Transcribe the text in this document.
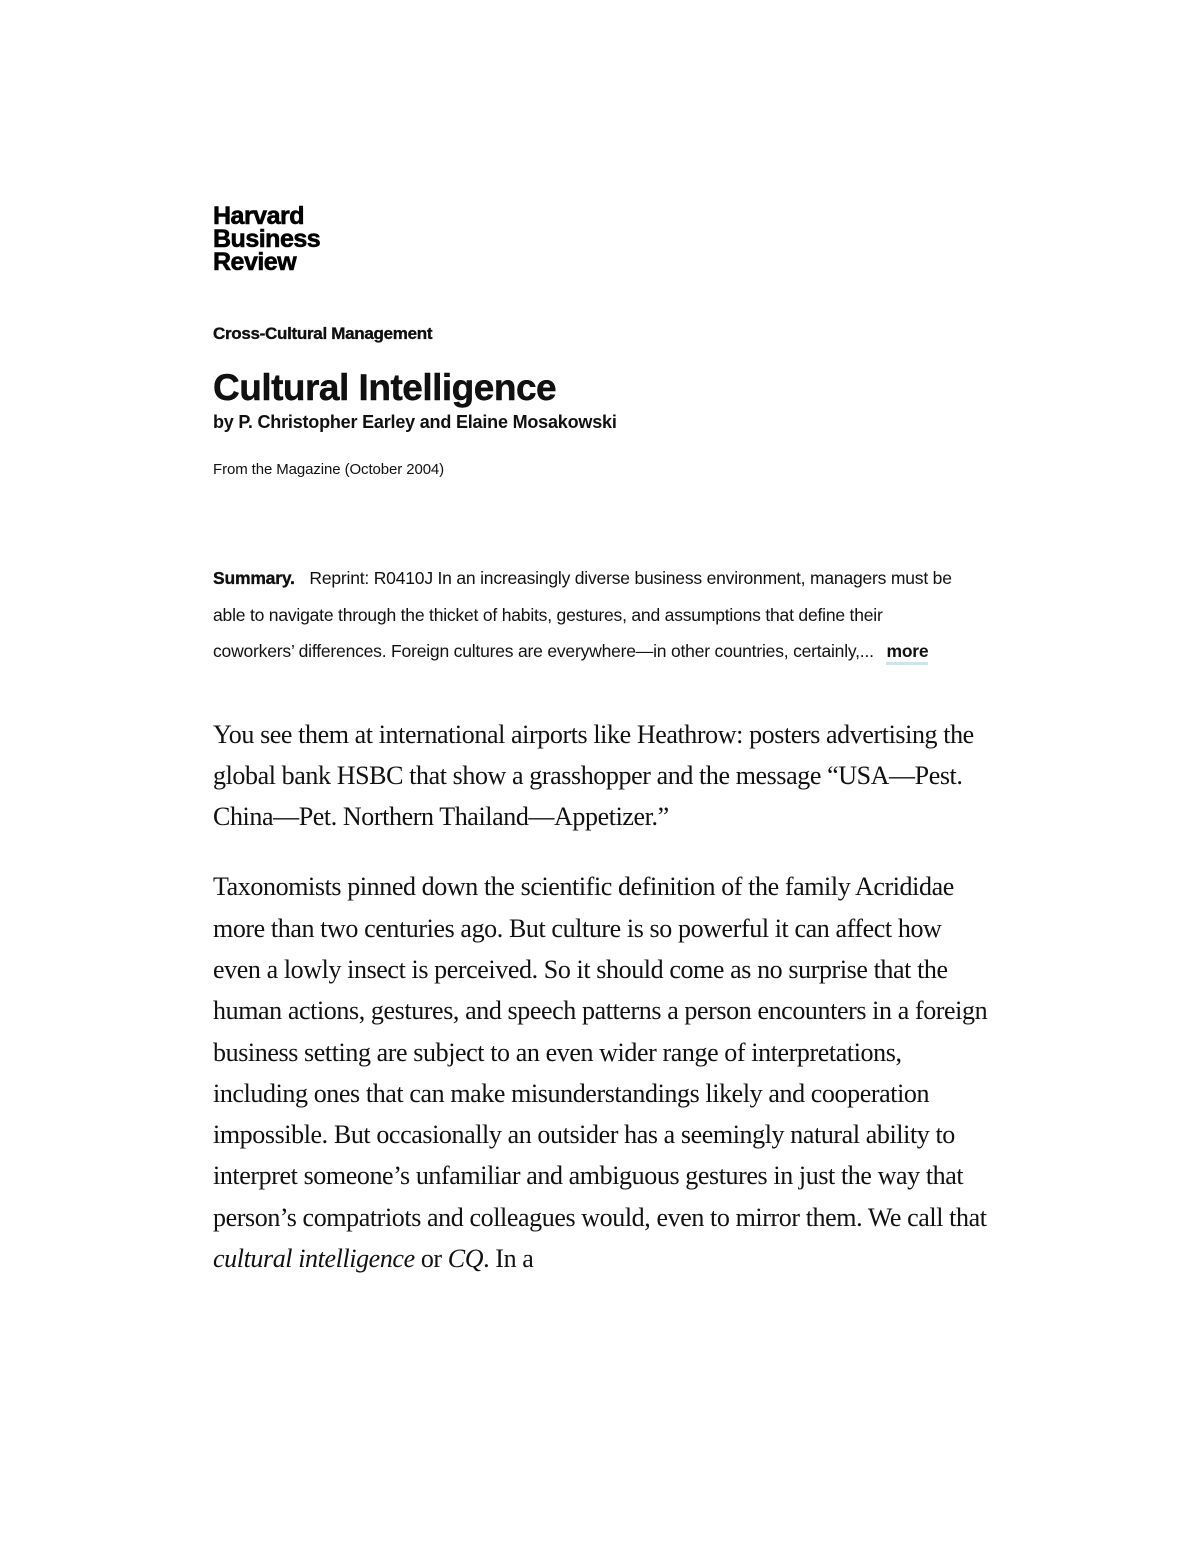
Harvard
Business
Review
Cross-Cultural Management
Cultural Intelligence
by P. Christopher Earley and Elaine Mosakowski
From the Magazine (October 2004)
Summary. Reprint: R0410J In an increasingly diverse business environment, managers must be able to navigate through the thicket of habits, gestures, and assumptions that define their coworkers’ differences. Foreign cultures are everywhere—in other countries, certainly,... more

You see them at international airports like Heathrow: posters advertising the global bank HSBC that show a grasshopper and the message “USA—Pest. China—Pet. Northern Thailand—Appetizer.”

Taxonomists pinned down the scientific definition of the family Acrididae more than two centuries ago. But culture is so powerful it can affect how even a lowly insect is perceived. So it should come as no surprise that the human actions, gestures, and speech patterns a person encounters in a foreign business setting are subject to an even wider range of interpretations, including ones that can make misunderstandings likely and cooperation impossible. But occasionally an outsider has a seemingly natural ability to interpret someone’s unfamiliar and ambiguous gestures in just the way that person’s compatriots and colleagues would, even to mirror them. We call that cultural intelligence or CQ. In a
